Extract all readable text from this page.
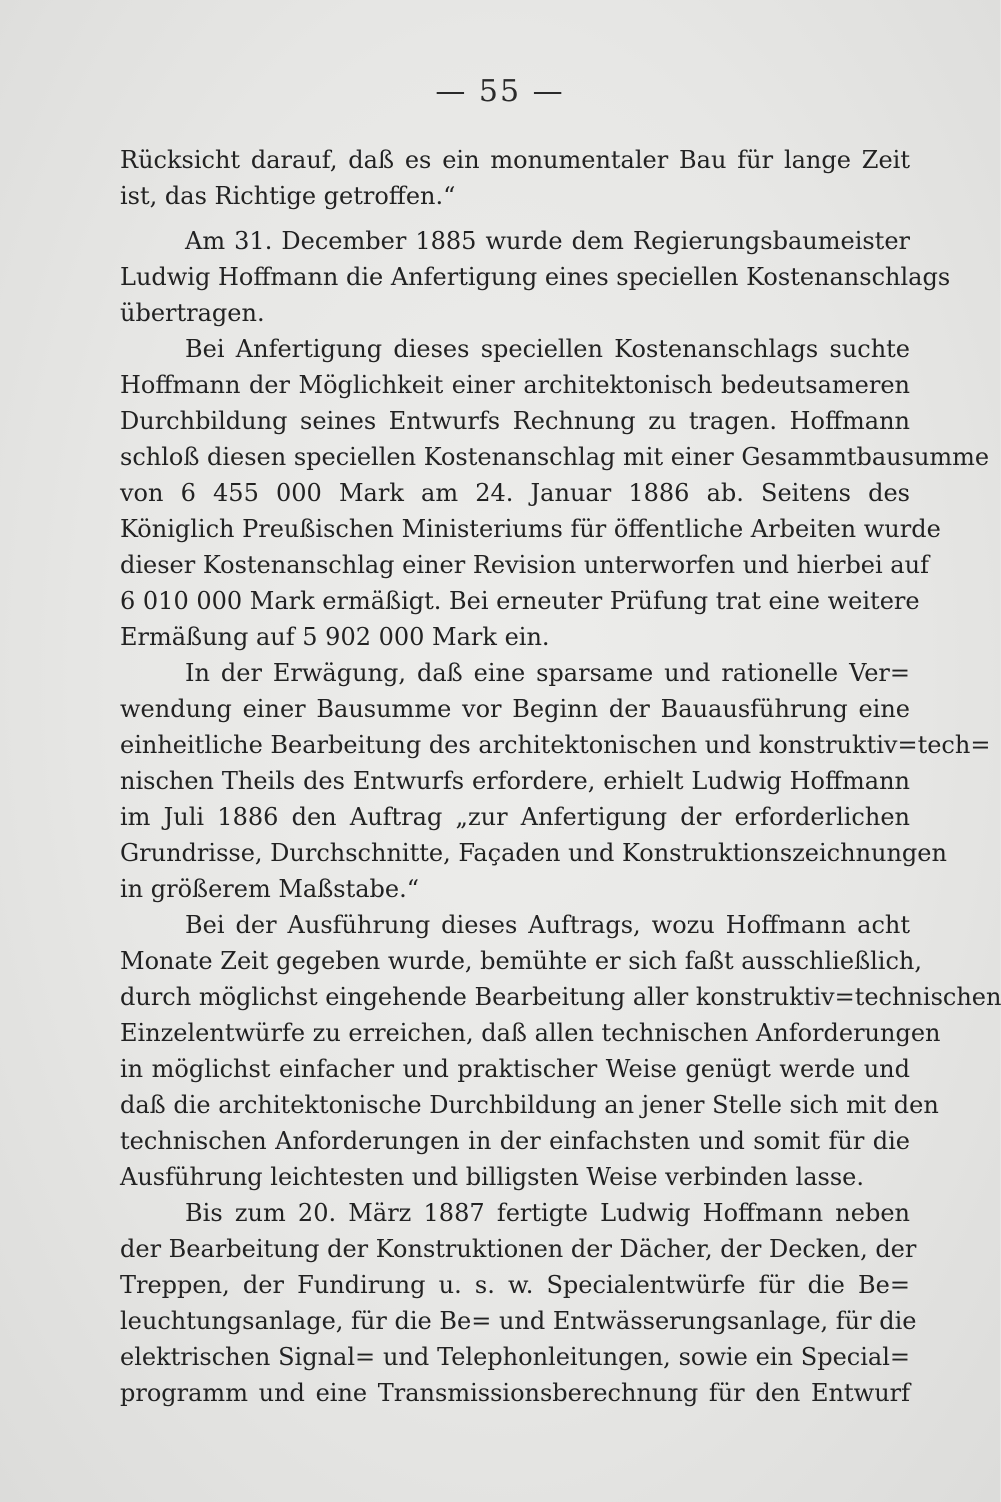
— 55 —
Rücksicht darauf, daß es ein monumentaler Bau für lange Zeit
ist, das Richtige getroffen.“
Am 31. December 1885 wurde dem Regierungsbaumeister
Ludwig Hoffmann die Anfertigung eines speciellen Kostenanschlags
übertragen.
Bei Anfertigung dieses speciellen Kostenanschlags suchte
Hoffmann der Möglichkeit einer architektonisch bedeutsameren
Durchbildung seines Entwurfs Rechnung zu tragen. Hoffmann
schloß diesen speciellen Kostenanschlag mit einer Gesammtbausumme
von 6 455 000 Mark am 24. Januar 1886 ab. Seitens des
Königlich Preußischen Ministeriums für öffentliche Arbeiten wurde
dieser Kostenanschlag einer Revision unterworfen und hierbei auf
6 010 000 Mark ermäßigt. Bei erneuter Prüfung trat eine weitere
Ermäßung auf 5 902 000 Mark ein.
In der Erwägung, daß eine sparsame und rationelle Ver=
wendung einer Bausumme vor Beginn der Bauausführung eine
einheitliche Bearbeitung des architektonischen und konstruktiv=tech=
nischen Theils des Entwurfs erfordere, erhielt Ludwig Hoffmann
im Juli 1886 den Auftrag „zur Anfertigung der erforderlichen
Grundrisse, Durchschnitte, Façaden und Konstruktionszeichnungen
in größerem Maßstabe.“
Bei der Ausführung dieses Auftrags, wozu Hoffmann acht
Monate Zeit gegeben wurde, bemühte er sich faßt ausschließlich,
durch möglichst eingehende Bearbeitung aller konstruktiv=technischen
Einzelentwürfe zu erreichen, daß allen technischen Anforderungen
in möglichst einfacher und praktischer Weise genügt werde und
daß die architektonische Durchbildung an jener Stelle sich mit den
technischen Anforderungen in der einfachsten und somit für die
Ausführung leichtesten und billigsten Weise verbinden lasse.
Bis zum 20. März 1887 fertigte Ludwig Hoffmann neben
der Bearbeitung der Konstruktionen der Dächer, der Decken, der
Treppen, der Fundirung u. s. w. Specialentwürfe für die Be=
leuchtungsanlage, für die Be= und Entwässerungsanlage, für die
elektrischen Signal= und Telephonleitungen, sowie ein Special=
programm und eine Transmissionsberechnung für den Entwurf
